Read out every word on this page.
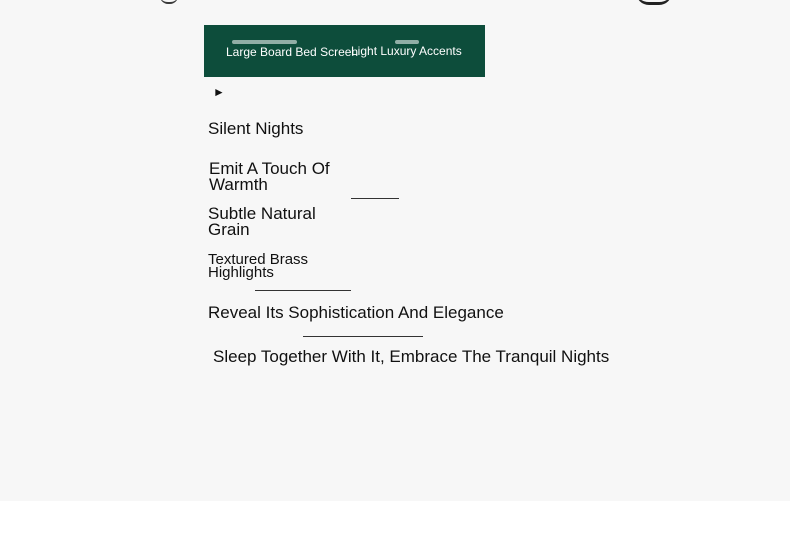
Large Board Bed Screen
Light Luxury Accents
►
Silent Nights
Emit A Touch Of Warmth
Subtle Natural Grain
Textured Brass Highlights
Reveal Its Sophistication And Elegance
Sleep Together With It, Embrace The Tranquil Nights
